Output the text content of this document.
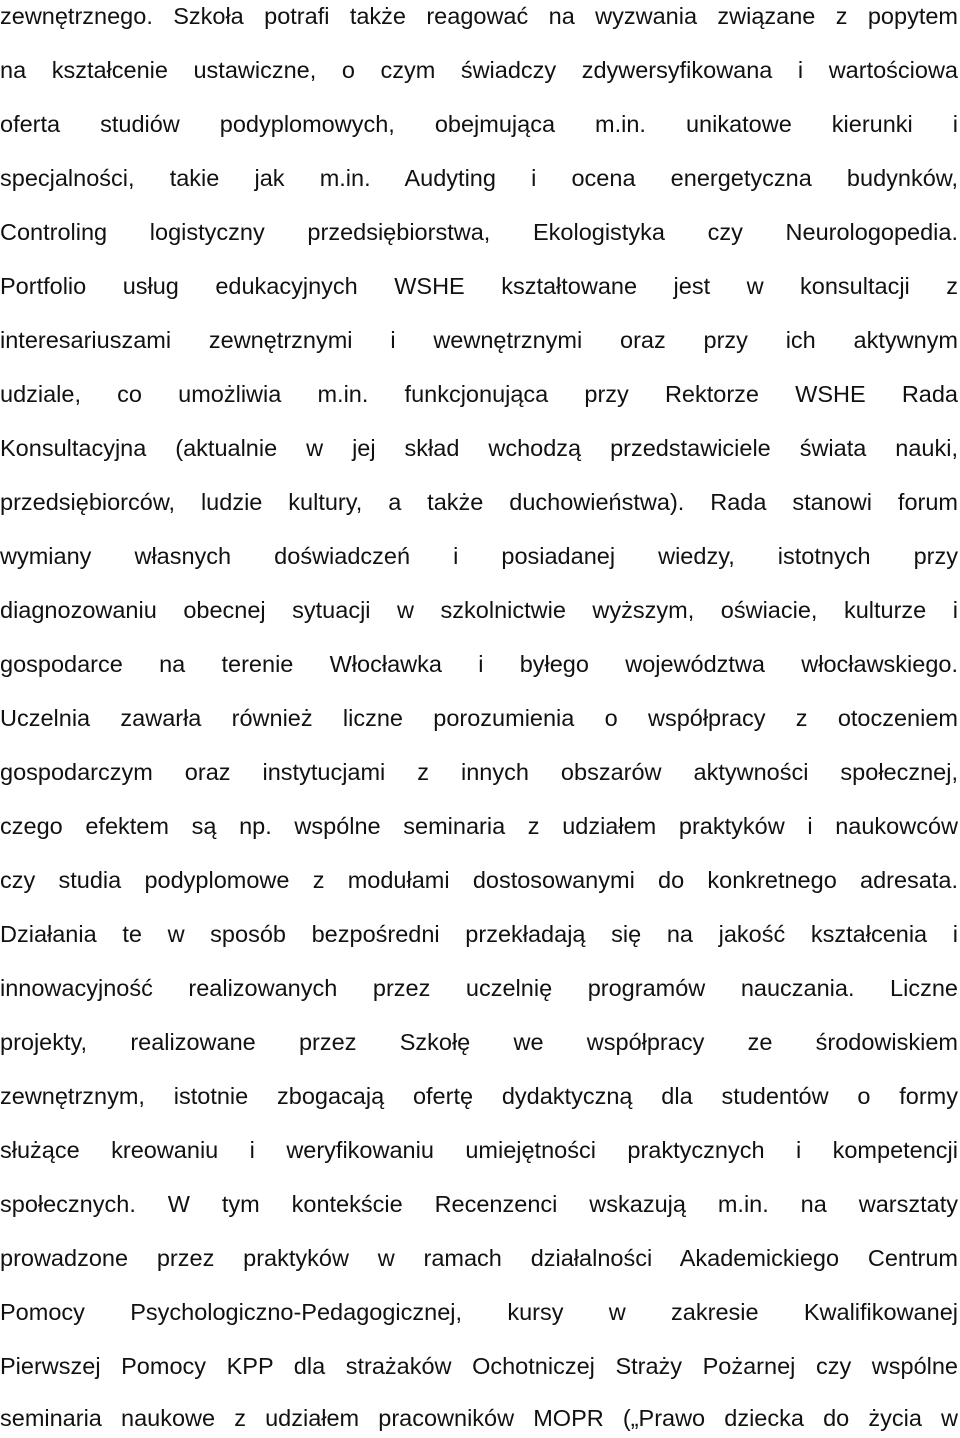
zewnętrznego. Szkoła potrafi także reagować na wyzwania związane z popytem
na kształcenie ustawiczne, o czym świadczy zdywersyfikowana i wartościowa
oferta studiów podyplomowych, obejmująca m.in. unikatowe kierunki i
specjalności, takie jak m.in. Audyting i ocena energetyczna budynków,
Controling logistyczny przedsiębiorstwa, Ekologistyka czy Neurologopedia.
Portfolio usług edukacyjnych WSHE kształtowane jest w konsultacji z
interesariuszami zewnętrznymi i wewnętrznymi oraz przy ich aktywnym
udziale, co umożliwia m.in. funkcjonująca przy Rektorze WSHE Rada
Konsultacyjna (aktualnie w jej skład wchodzą przedstawiciele świata nauki,
przedsiębiorców, ludzie kultury, a także duchowieństwa). Rada stanowi forum
wymiany własnych doświadczeń i posiadanej wiedzy, istotnych przy
diagnozowaniu obecnej sytuacji w szkolnictwie wyższym, oświacie, kulturze i
gospodarce na terenie Włocławka i byłego województwa włocławskiego.
Uczelnia zawarła również liczne porozumienia o współpracy z otoczeniem
gospodarczym oraz instytucjami z innych obszarów aktywności społecznej,
czego efektem są np. wspólne seminaria z udziałem praktyków i naukowców
czy studia podyplomowe z modułami dostosowanymi do konkretnego adresata.
Działania te w sposób bezpośredni przekładają się na jakość kształcenia i
innowacyjność realizowanych przez uczelnię programów nauczania. Liczne
projekty, realizowane przez Szkołę we współpracy ze środowiskiem
zewnętrznym, istotnie zbogacają ofertę dydaktyczną dla studentów o formy
służące kreowaniu i weryfikowaniu umiejętności praktycznych i kompetencji
społecznych. W tym kontekście Recenzenci wskazują m.in. na warsztaty
prowadzone przez praktyków w ramach działalności Akademickiego Centrum
Pomocy Psychologiczno-Pedagogicznej, kursy w zakresie Kwalifikowanej
Pierwszej Pomocy KPP dla strażaków Ochotniczej Straży Pożarnej czy wspólne
seminaria naukowe z udziałem pracowników MOPR („Prawo dziecka do życia w
